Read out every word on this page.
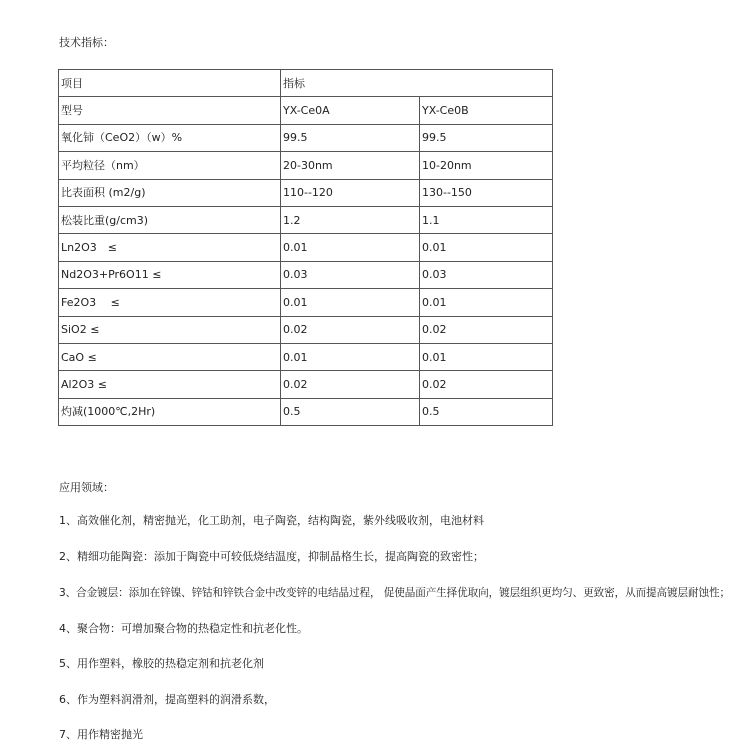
技术指标：
项目	指标	
型号	YX-Ce0A	YX-Ce0B
氧化铈（CeO2）（w）%	99.5	99.5
平均粒径（nm）	20-30nm	10-20nm
比表面积 (m2/g)	110--120	130--150
松装比重(g/cm3)	1.2	1.1
Ln2O3　≤	0.01	0.01
Nd2O3+Pr6O11 ≤	0.03	0.03
Fe2O3　 ≤	0.01	0.01
SiO2 ≤	0.02	0.02
CaO ≤	0.01	0.01
Al2O3 ≤	0.02	0.02
灼减(1000℃,2Hr)	0.5	0.5
应用领域：
1、高效催化剂，精密抛光，化工助剂，电子陶瓷，结构陶瓷，紫外线吸收剂，电池材料
2、精细功能陶瓷：添加于陶瓷中可较低烧结温度，抑制晶格生长，提高陶瓷的致密性；
3、合金镀层：添加在锌镍、锌钴和锌铁合金中改变锌的电结晶过程， 促使晶面产生择优取向，镀层组织更均匀、更致密，从而提高镀层耐蚀性；
4、聚合物：可增加聚合物的热稳定性和抗老化性。
5、用作塑料，橡胶的热稳定剂和抗老化剂
6、作为塑料润滑剂，提高塑料的润滑系数，
7、用作精密抛光
